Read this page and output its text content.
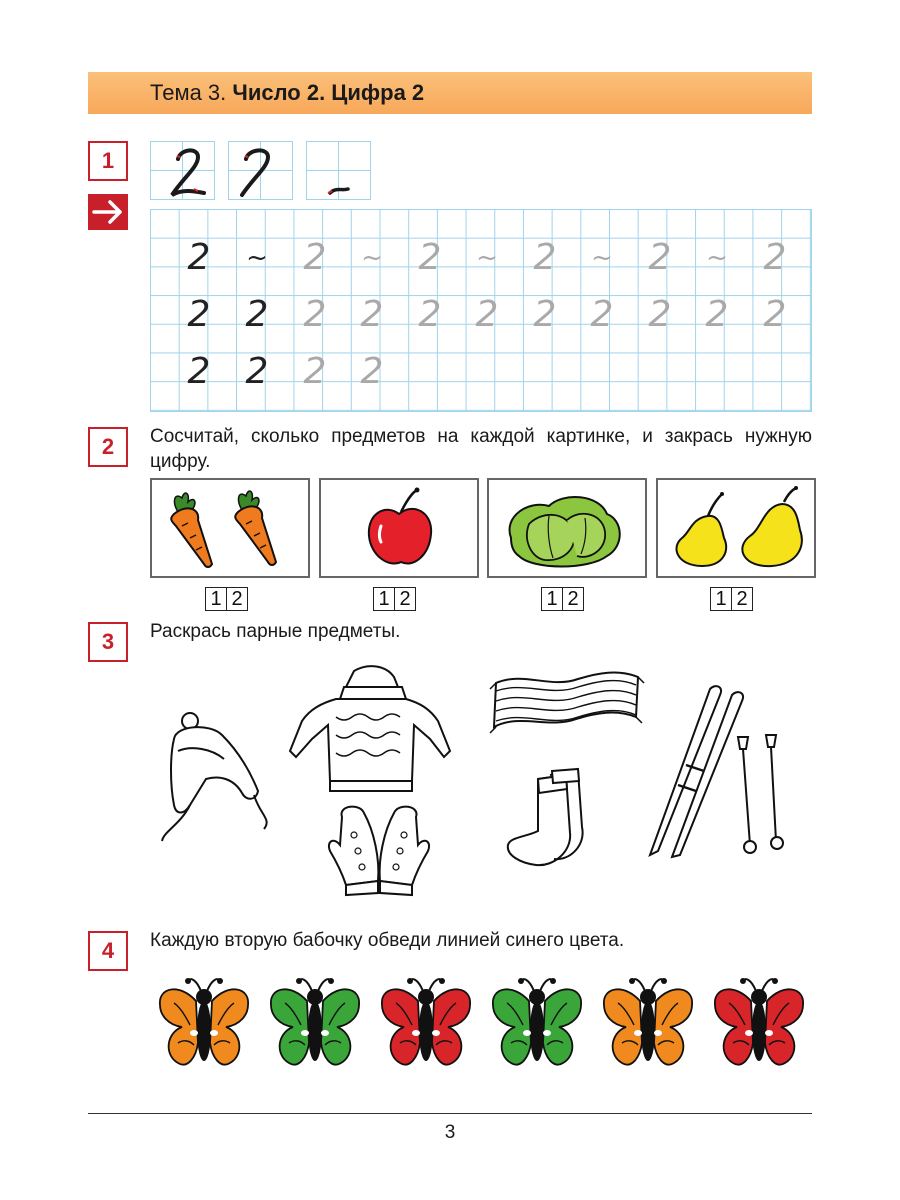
Тема 3. Число 2. Цифра 2
1
2	~ 2	~ 2	~ 2	~ 2	~ 2
2 2 2 2 2 2 2 2 2 2 2
2 2 2 2
2	Сосчитай, сколько предметов на каждой картинке, и закрась нужную цифру.
1 2	1 2	1 2	1 2
3	Раскрась парные предметы.
4	Каждую вторую бабочку обведи линией синего цвета.
3
